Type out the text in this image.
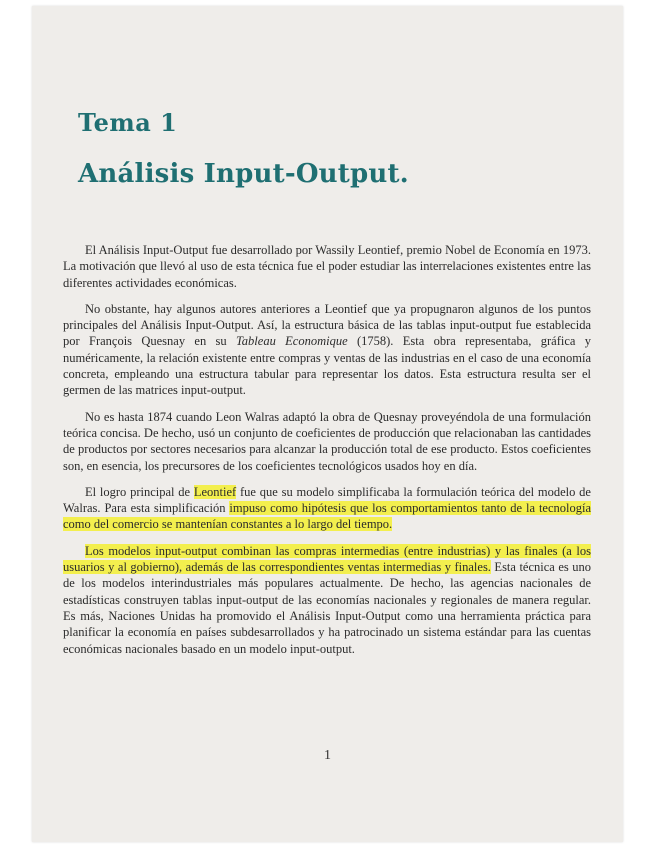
Tema 1
Análisis Input-Output.

El Análisis Input-Output fue desarrollado por Wassily Leontief, premio Nobel de Economía en 1973. La motivación que llevó al uso de esta técnica fue el poder estudiar las interrelaciones existentes entre las diferentes actividades económicas.

No obstante, hay algunos autores anteriores a Leontief que ya propugnaron algunos de los puntos principales del Análisis Input-Output. Así, la estructura básica de las tablas input-output fue establecida por François Quesnay en su Tableau Economique (1758). Esta obra representaba, gráfica y numéricamente, la relación existente entre compras y ventas de las industrias en el caso de una economía concreta, empleando una estructura tabular para representar los datos. Esta estructura resulta ser el germen de las matrices input-output.

No es hasta 1874 cuando Leon Walras adaptó la obra de Quesnay proveyéndola de una formulación teórica concisa. De hecho, usó un conjunto de coeficientes de producción que relacionaban las cantidades de productos por sectores necesarios para alcanzar la producción total de ese producto. Estos coeficientes son, en esencia, los precursores de los coeficientes tecnológicos usados hoy en día.

El logro principal de Leontief fue que su modelo simplificaba la formulación teórica del modelo de Walras. Para esta simplificación impuso como hipótesis que los comportamientos tanto de la tecnología como del comercio se mantenían constantes a lo largo del tiempo.

Los modelos input-output combinan las compras intermedias (entre industrias) y las finales (a los usuarios y al gobierno), además de las correspondientes ventas intermedias y finales. Esta técnica es uno de los modelos interindustriales más populares actualmente. De hecho, las agencias nacionales de estadísticas construyen tablas input-output de las economías nacionales y regionales de manera regular. Es más, Naciones Unidas ha promovido el Análisis Input-Output como una herramienta práctica para planificar la economía en países subdesarrollados y ha patrocinado un sistema estándar para las cuentas económicas nacionales basado en un modelo input-output.

1
